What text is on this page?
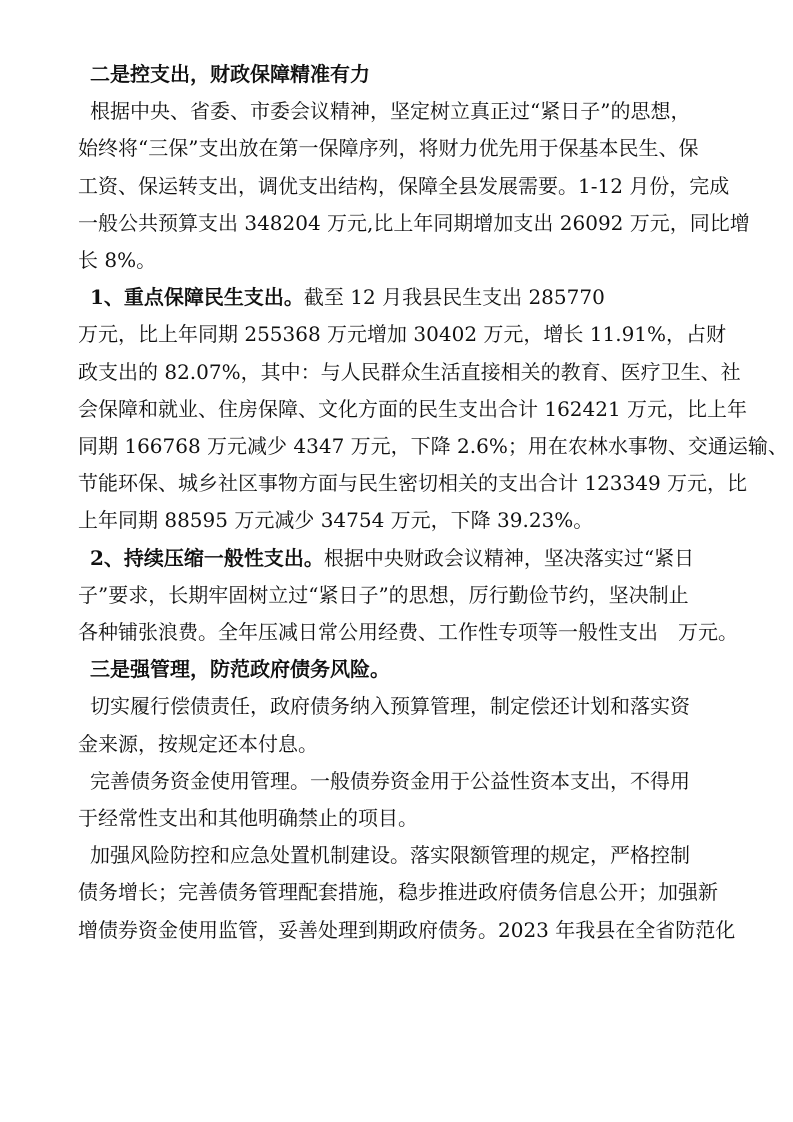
二是控支出，财政保障精准有力
根据中央、省委、市委会议精神，坚定树立真正过“紧日子”的思想，
始终将“三保”支出放在第一保障序列，将财力优先用于保基本民生、保
工资、保运转支出，调优支出结构，保障全县发展需要。1-12 月份，完成
一般公共预算支出 348204 万元,比上年同期增加支出 26092 万元，同比增
长 8%。
1、重点保障民生支出。截至 12 月我县民生支出 285770
万元，比上年同期 255368 万元增加 30402 万元，增长 11.91%，占财
政支出的 82.07%，其中：与人民群众生活直接相关的教育、医疗卫生、社
会保障和就业、住房保障、文化方面的民生支出合计 162421 万元，比上年
同期 166768 万元减少 4347 万元，下降 2.6%；用在农林水事物、交通运输、
节能环保、城乡社区事物方面与民生密切相关的支出合计 123349 万元，比
上年同期 88595 万元减少 34754 万元，下降 39.23%。
2、持续压缩一般性支出。根据中央财政会议精神，坚决落实过“紧日
子”要求，长期牢固树立过“紧日子”的思想，厉行勤俭节约，坚决制止
各种铺张浪费。全年压减日常公用经费、工作性专项等一般性支出　万元。
三是强管理，防范政府债务风险。
切实履行偿债责任，政府债务纳入预算管理，制定偿还计划和落实资
金来源，按规定还本付息。
完善债务资金使用管理。一般债券资金用于公益性资本支出，不得用
于经常性支出和其他明确禁止的项目。
加强风险防控和应急处置机制建设。落实限额管理的规定，严格控制
债务增长；完善债务管理配套措施，稳步推进政府债务信息公开；加强新
增债券资金使用监管，妥善处理到期政府债务。2023 年我县在全省防范化
